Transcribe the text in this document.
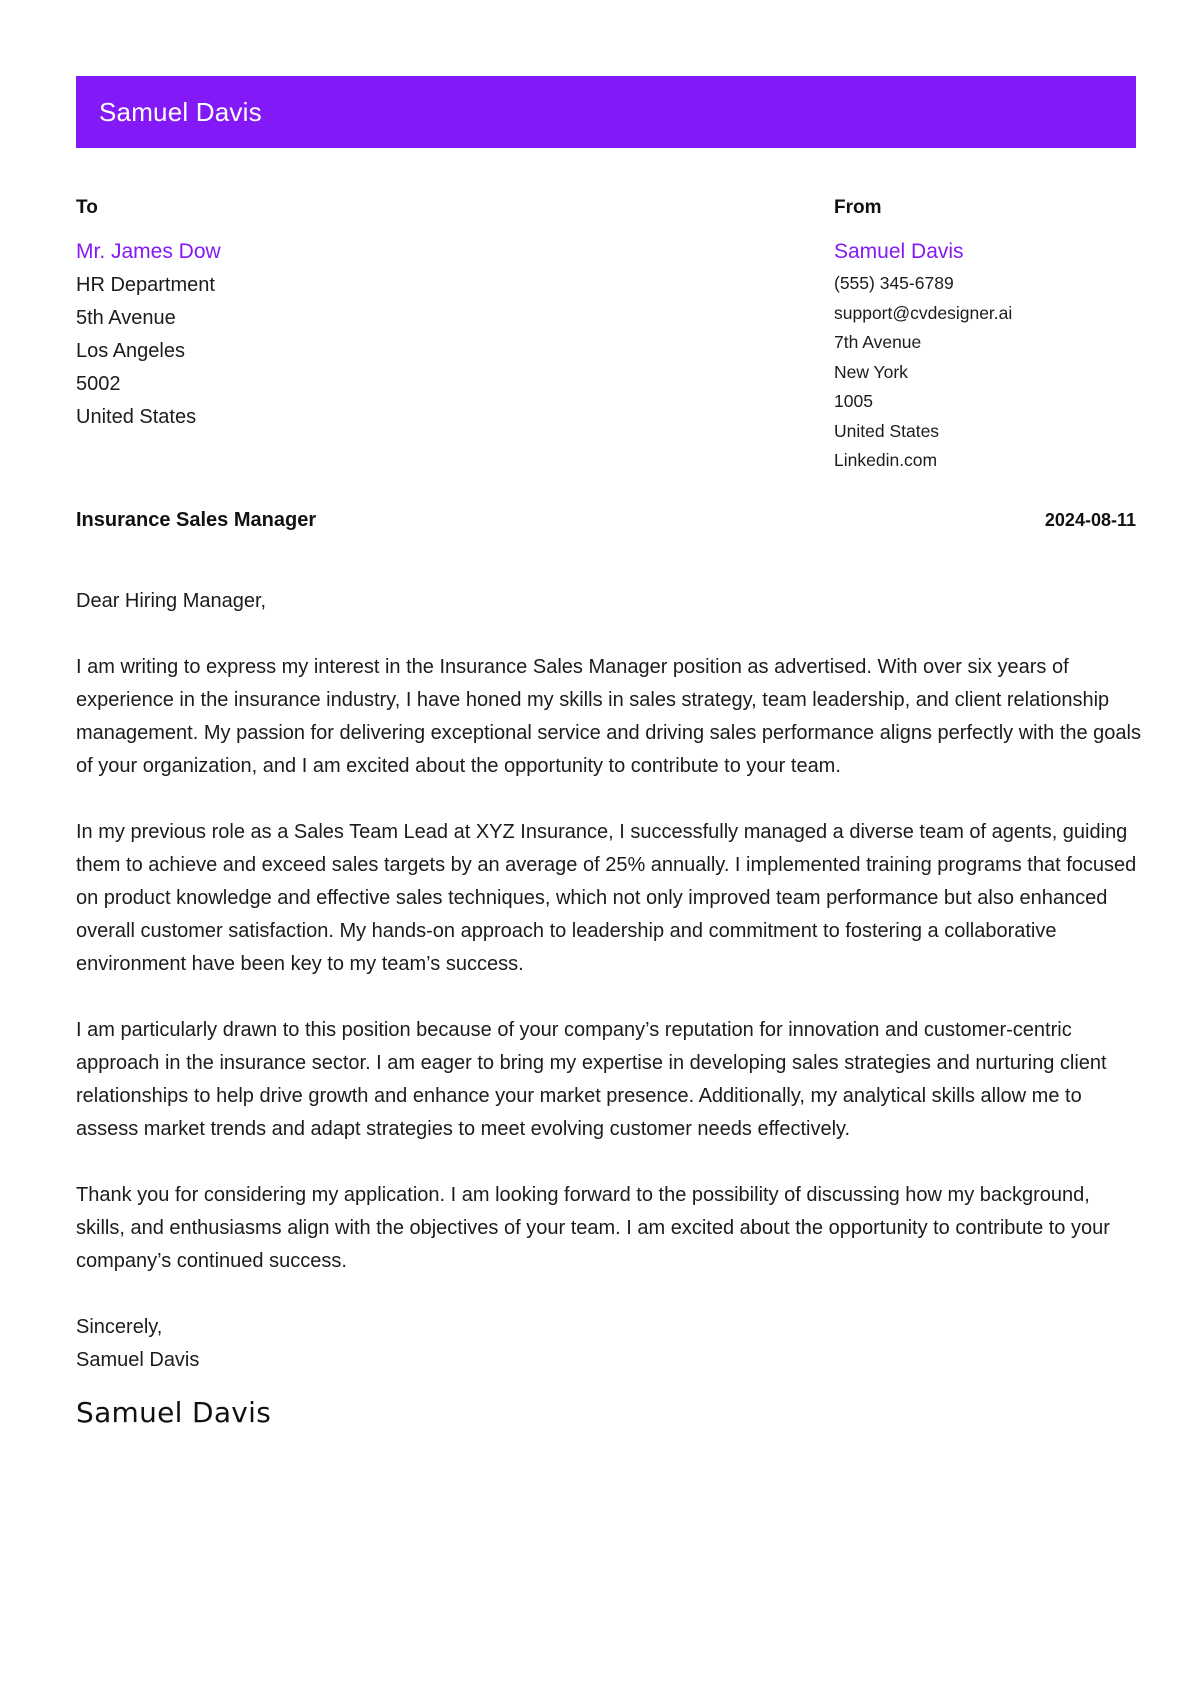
Samuel Davis
To
Mr. James Dow
HR Department
5th Avenue
Los Angeles
5002
United States
From
Samuel Davis
(555) 345-6789
support@cvdesigner.ai
7th Avenue
New York
1005
United States
Linkedin.com
Insurance Sales Manager	2024-08-11

Dear Hiring Manager,

I am writing to express my interest in the Insurance Sales Manager position as advertised. With over six years of experience in the insurance industry, I have honed my skills in sales strategy, team leadership, and client relationship management. My passion for delivering exceptional service and driving sales performance aligns perfectly with the goals of your organization, and I am excited about the opportunity to contribute to your team.

In my previous role as a Sales Team Lead at XYZ Insurance, I successfully managed a diverse team of agents, guiding them to achieve and exceed sales targets by an average of 25% annually. I implemented training programs that focused on product knowledge and effective sales techniques, which not only improved team performance but also enhanced overall customer satisfaction. My hands-on approach to leadership and commitment to fostering a collaborative environment have been key to my team’s success.

I am particularly drawn to this position because of your company’s reputation for innovation and customer-centric approach in the insurance sector. I am eager to bring my expertise in developing sales strategies and nurturing client relationships to help drive growth and enhance your market presence. Additionally, my analytical skills allow me to assess market trends and adapt strategies to meet evolving customer needs effectively.

Thank you for considering my application. I am looking forward to the possibility of discussing how my background, skills, and enthusiasms align with the objectives of your team. I am excited about the opportunity to contribute to your company’s continued success.

Sincerely,
Samuel Davis
Samuel Davis
